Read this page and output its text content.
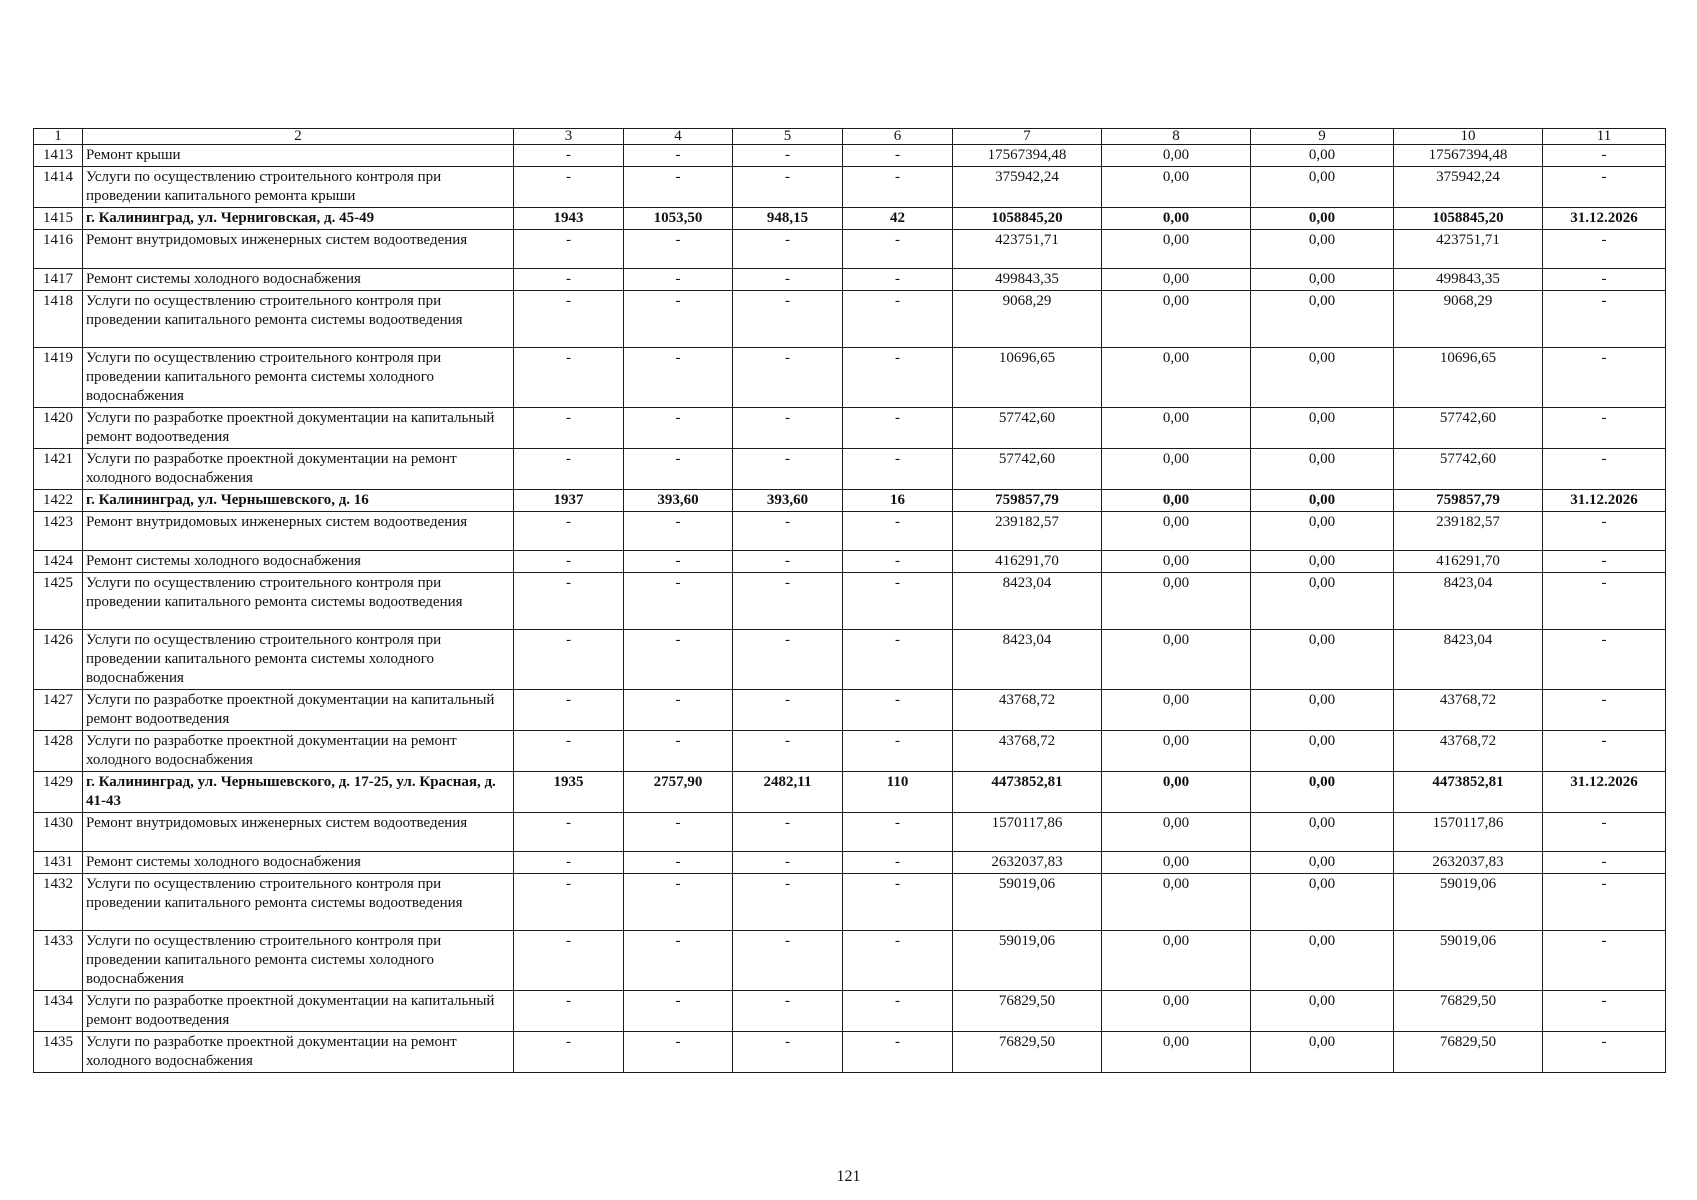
1	2	3	4	5	6	7	8	9	10	11
1413	Ремонт крыши	-	-	-	-	17567394,48	0,00	0,00	17567394,48	-
1414	Услуги по осуществлению строительного контроля при проведении капитального ремонта крыши	-	-	-	-	375942,24	0,00	0,00	375942,24	-
1415	г. Калининград, ул. Черниговская, д. 45-49	1943	1053,50	948,15	42	1058845,20	0,00	0,00	1058845,20	31.12.2026
1416	Ремонт внутридомовых инженерных систем водоотведения	-	-	-	-	423751,71	0,00	0,00	423751,71	-
1417	Ремонт системы холодного водоснабжения	-	-	-	-	499843,35	0,00	0,00	499843,35	-
1418	Услуги по осуществлению строительного контроля при проведении капитального ремонта системы водоотведения	-	-	-	-	9068,29	0,00	0,00	9068,29	-
1419	Услуги по осуществлению строительного контроля при проведении капитального ремонта системы холодного водоснабжения	-	-	-	-	10696,65	0,00	0,00	10696,65	-
1420	Услуги по разработке проектной документации на капитальный ремонт водоотведения	-	-	-	-	57742,60	0,00	0,00	57742,60	-
1421	Услуги по разработке проектной документации на ремонт холодного водоснабжения	-	-	-	-	57742,60	0,00	0,00	57742,60	-
1422	г. Калининград, ул. Чернышевского, д. 16	1937	393,60	393,60	16	759857,79	0,00	0,00	759857,79	31.12.2026
1423	Ремонт внутридомовых инженерных систем водоотведения	-	-	-	-	239182,57	0,00	0,00	239182,57	-
1424	Ремонт системы холодного водоснабжения	-	-	-	-	416291,70	0,00	0,00	416291,70	-
1425	Услуги по осуществлению строительного контроля при проведении капитального ремонта системы водоотведения	-	-	-	-	8423,04	0,00	0,00	8423,04	-
1426	Услуги по осуществлению строительного контроля при проведении капитального ремонта системы холодного водоснабжения	-	-	-	-	8423,04	0,00	0,00	8423,04	-
1427	Услуги по разработке проектной документации на капитальный ремонт водоотведения	-	-	-	-	43768,72	0,00	0,00	43768,72	-
1428	Услуги по разработке проектной документации на ремонт холодного водоснабжения	-	-	-	-	43768,72	0,00	0,00	43768,72	-
1429	г. Калининград, ул. Чернышевского, д. 17-25, ул. Красная, д. 41-43	1935	2757,90	2482,11	110	4473852,81	0,00	0,00	4473852,81	31.12.2026
1430	Ремонт внутридомовых инженерных систем водоотведения	-	-	-	-	1570117,86	0,00	0,00	1570117,86	-
1431	Ремонт системы холодного водоснабжения	-	-	-	-	2632037,83	0,00	0,00	2632037,83	-
1432	Услуги по осуществлению строительного контроля при проведении капитального ремонта системы водоотведения	-	-	-	-	59019,06	0,00	0,00	59019,06	-
1433	Услуги по осуществлению строительного контроля при проведении капитального ремонта системы холодного водоснабжения	-	-	-	-	59019,06	0,00	0,00	59019,06	-
1434	Услуги по разработке проектной документации на капитальный ремонт водоотведения	-	-	-	-	76829,50	0,00	0,00	76829,50	-
1435	Услуги по разработке проектной документации на ремонт холодного водоснабжения	-	-	-	-	76829,50	0,00	0,00	76829,50	-
121
